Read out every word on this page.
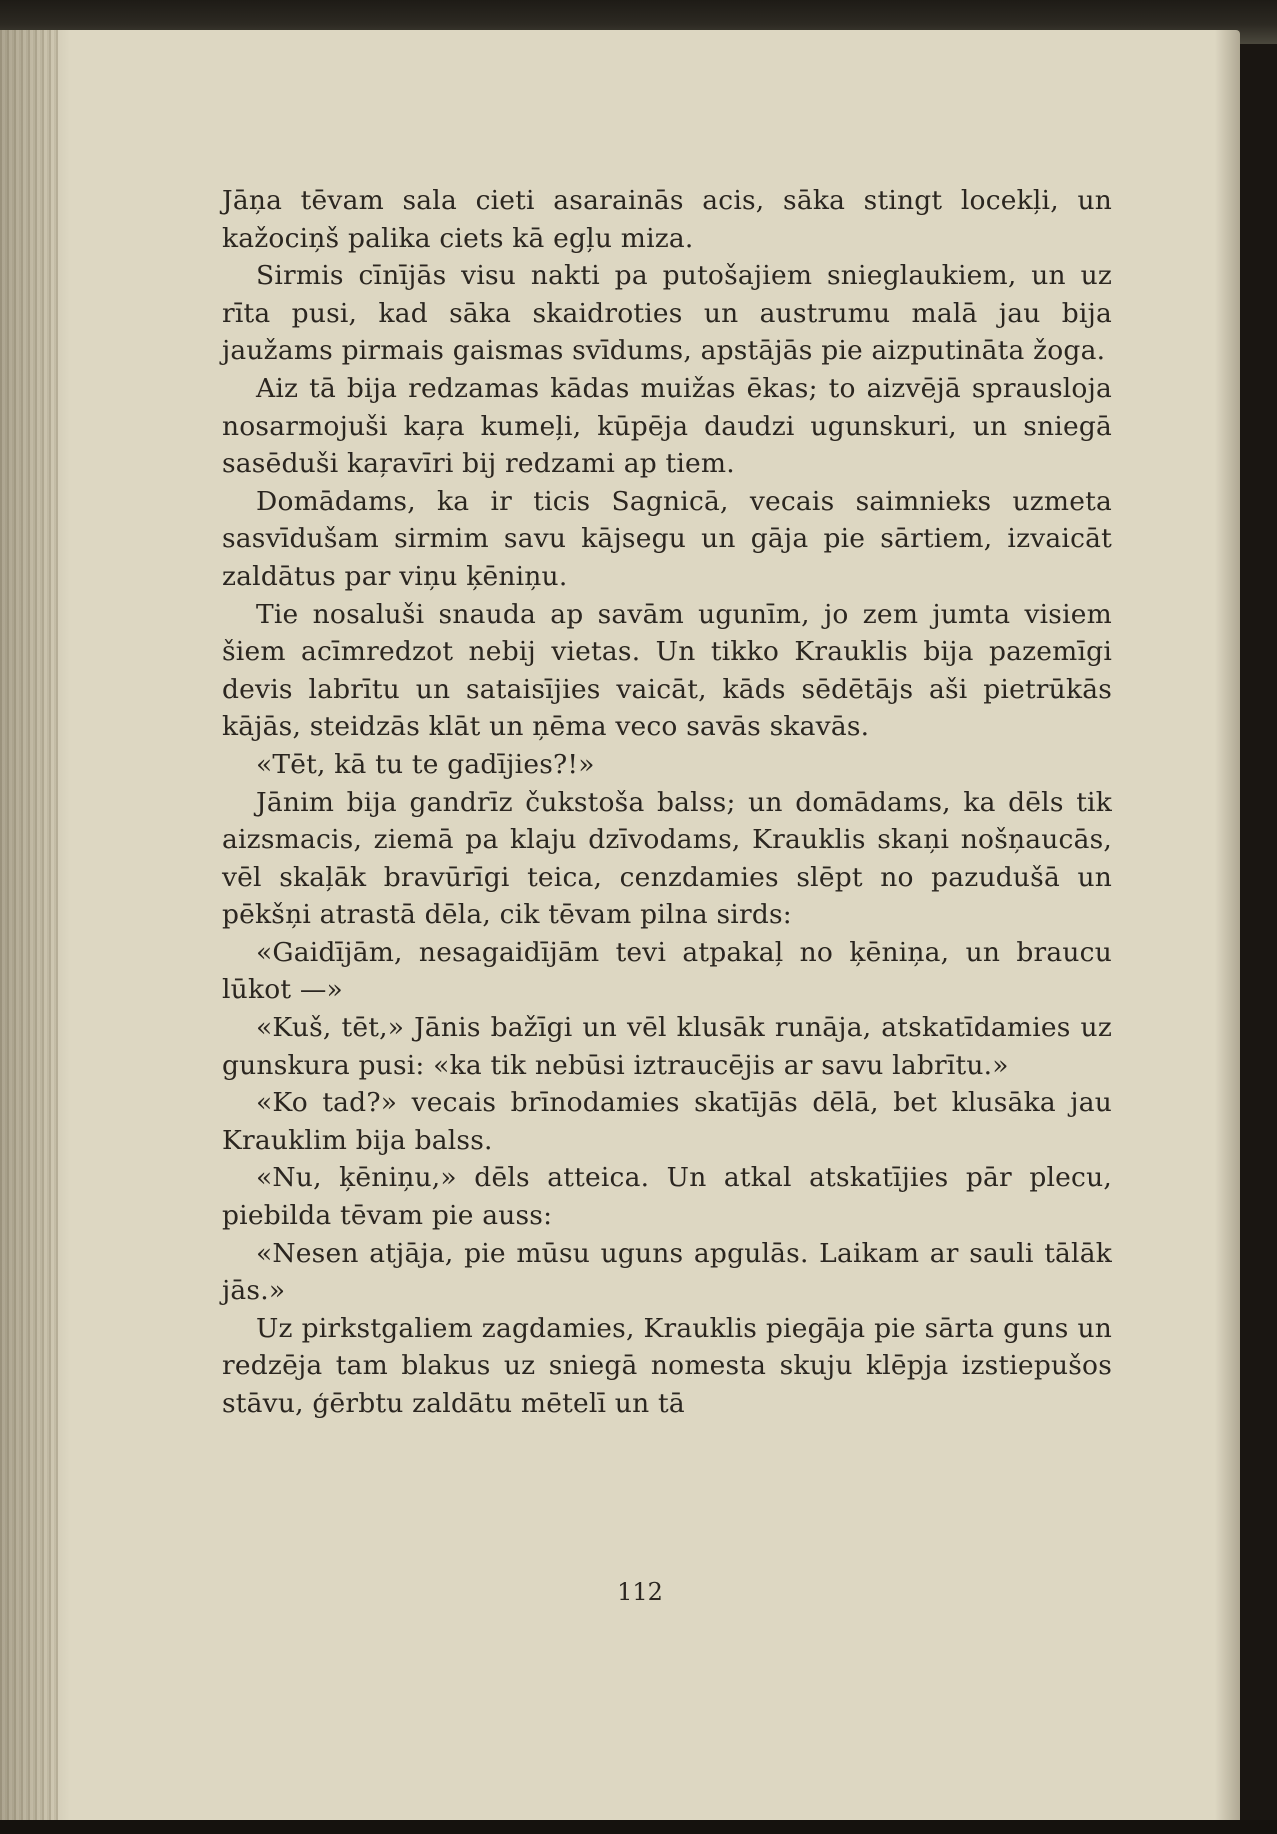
Jāņa tēvam sala cieti asarainās acis, sāka stingt locekļi, un kažociņš palika ciets kā egļu miza.

Sirmis cīnījās visu nakti pa putošajiem snieglaukiem, un uz rīta pusi, kad sāka skaidroties un austrumu malā jau bija jaužams pirmais gaismas svīdums, apstājās pie aizputināta žoga.

Aiz tā bija redzamas kādas muižas ēkas; to aizvējā sprausloja nosarmojuši kaŗa kumeļi, kūpēja daudzi ugunskuri, un sniegā sasēduši kaŗavīri bij redzami ap tiem.

Domādams, ka ir ticis Sagnicā, vecais saimnieks uzmeta sasvīdušam sirmim savu kājsegu un gāja pie sārtiem, izvaicāt zaldātus par viņu ķēniņu.

Tie nosaluši snauda ap savām ugunīm, jo zem jumta visiem šiem acīmredzot nebij vietas. Un tikko Krauklis bija pazemīgi devis labrītu un sataisījies vaicāt, kāds sēdētājs aši pietrūkās kājās, steidzās klāt un ņēma veco savās skavās.

«Tēt, kā tu te gadījies?!»

Jānim bija gandrīz čukstoša balss; un domādams, ka dēls tik aizsmacis, ziemā pa klaju dzīvodams, Krauklis skaņi nošņaucās, vēl skaļāk bravūrīgi teica, cenzdamies slēpt no pazudušā un pēkšņi atrastā dēla, cik tēvam pilna sirds:

«Gaidījām, nesagaidījām tevi atpakaļ no ķēniņa, un braucu lūkot —»

«Kuš, tēt,» Jānis bažīgi un vēl klusāk runāja, atskatīdamies uz gunskura pusi: «ka tik nebūsi iztraucējis ar savu labrītu.»

«Ko tad?» vecais brīnodamies skatījās dēlā, bet klusāka jau Krauklim bija balss.

«Nu, ķēniņu,» dēls atteica. Un atkal atskatījies pār plecu, piebilda tēvam pie auss:

«Nesen atjāja, pie mūsu uguns apgulās. Laikam ar sauli tālāk jās.»

Uz pirkstgaliem zagdamies, Krauklis piegāja pie sārta guns un redzēja tam blakus uz sniegā nomesta skuju klēpja izstiepušos stāvu, ģērbtu zaldātu mētelī un tā

112
